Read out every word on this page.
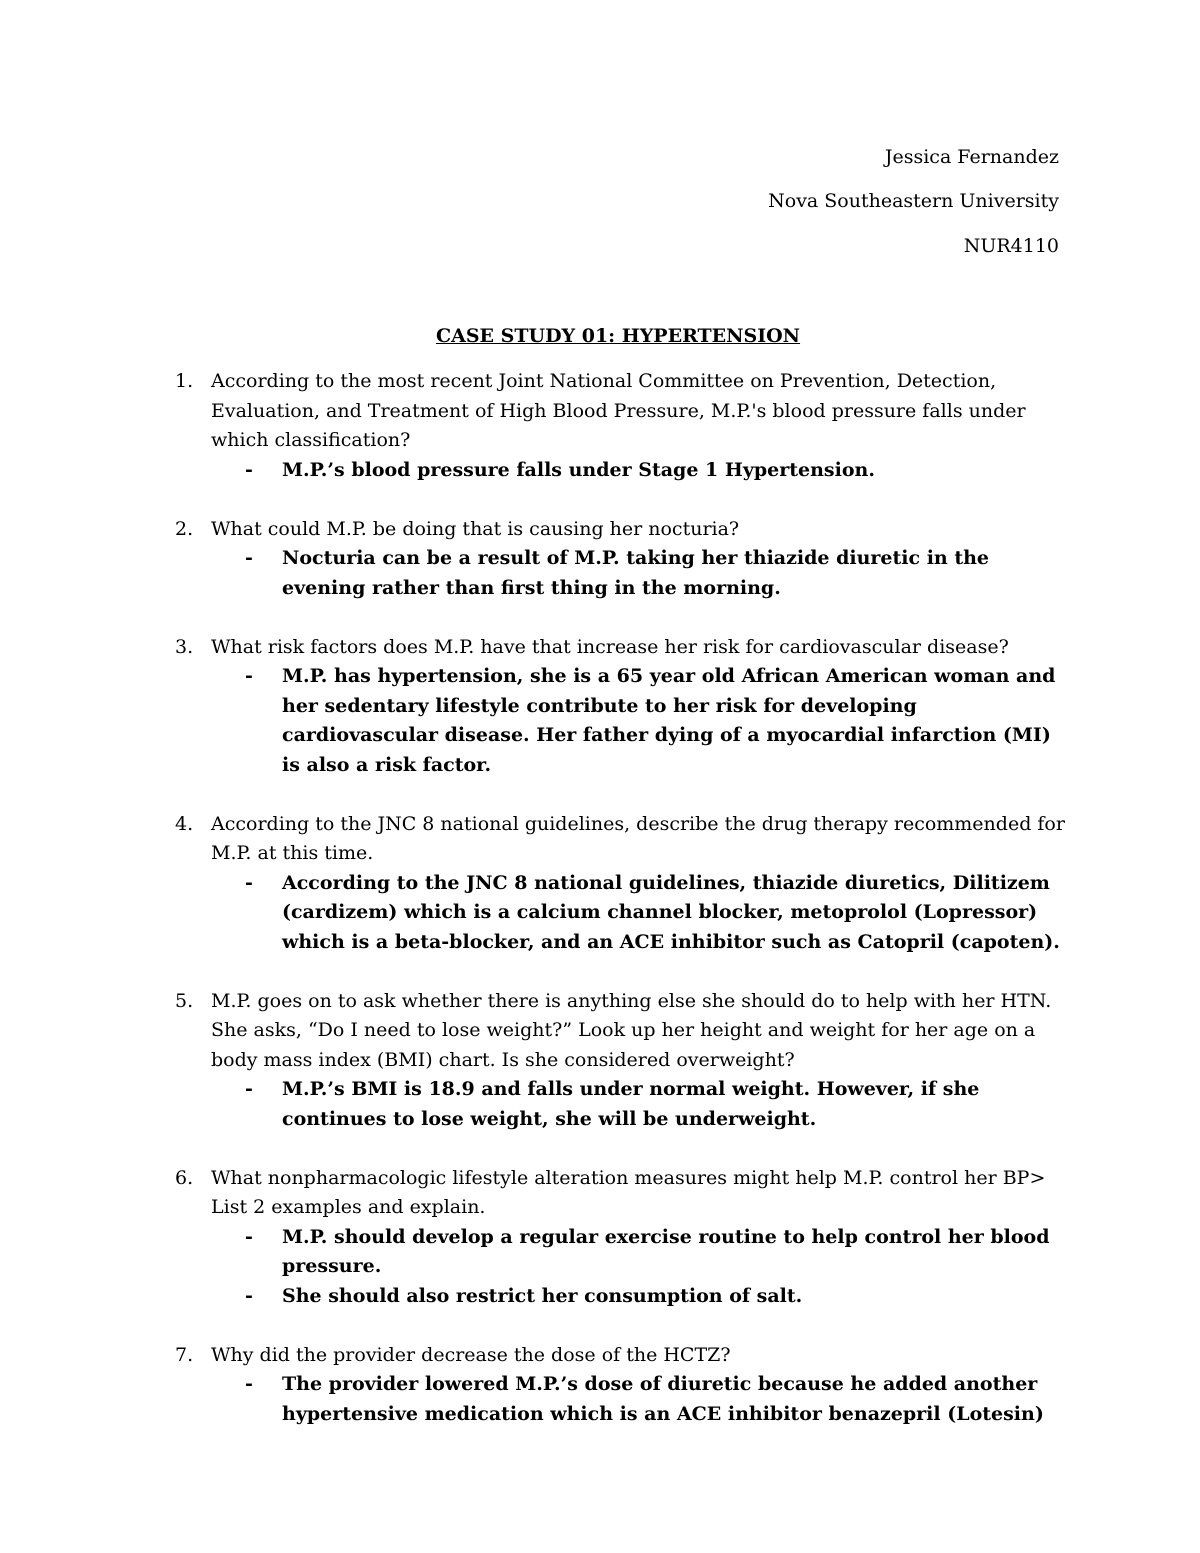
Jessica Fernandez
Nova Southeastern University
NUR4110
CASE STUDY 01: HYPERTENSION
1. According to the most recent Joint National Committee on Prevention, Detection,
Evaluation, and Treatment of High Blood Pressure, M.P.'s blood pressure falls under
which classification?
- M.P.’s blood pressure falls under Stage 1 Hypertension.
2. What could M.P. be doing that is causing her nocturia?
- Nocturia can be a result of M.P. taking her thiazide diuretic in the evening rather than first thing in the morning.
3. What risk factors does M.P. have that increase her risk for cardiovascular disease?
- M.P. has hypertension, she is a 65 year old African American woman and her sedentary lifestyle contribute to her risk for developing cardiovascular disease. Her father dying of a myocardial infarction (MI) is also a risk factor.
4. According to the JNC 8 national guidelines, describe the drug therapy recommended for
M.P. at this time.
- According to the JNC 8 national guidelines, thiazide diuretics, Dilitizem (cardizem) which is a calcium channel blocker, metoprolol (Lopressor) which is a beta-blocker, and an ACE inhibitor such as Catopril (capoten).
5. M.P. goes on to ask whether there is anything else she should do to help with her HTN.
She asks, “Do I need to lose weight?” Look up her height and weight for her age on a
body mass index (BMI) chart. Is she considered overweight?
- M.P.’s BMI is 18.9 and falls under normal weight. However, if she continues to lose weight, she will be underweight.
6. What nonpharmacologic lifestyle alteration measures might help M.P. control her BP>
List 2 examples and explain.
- M.P. should develop a regular exercise routine to help control her blood pressure.
- She should also restrict her consumption of salt.
7. Why did the provider decrease the dose of the HCTZ?
- The provider lowered M.P.’s dose of diuretic because he added another hypertensive medication which is an ACE inhibitor benazepril (Lotesin)
